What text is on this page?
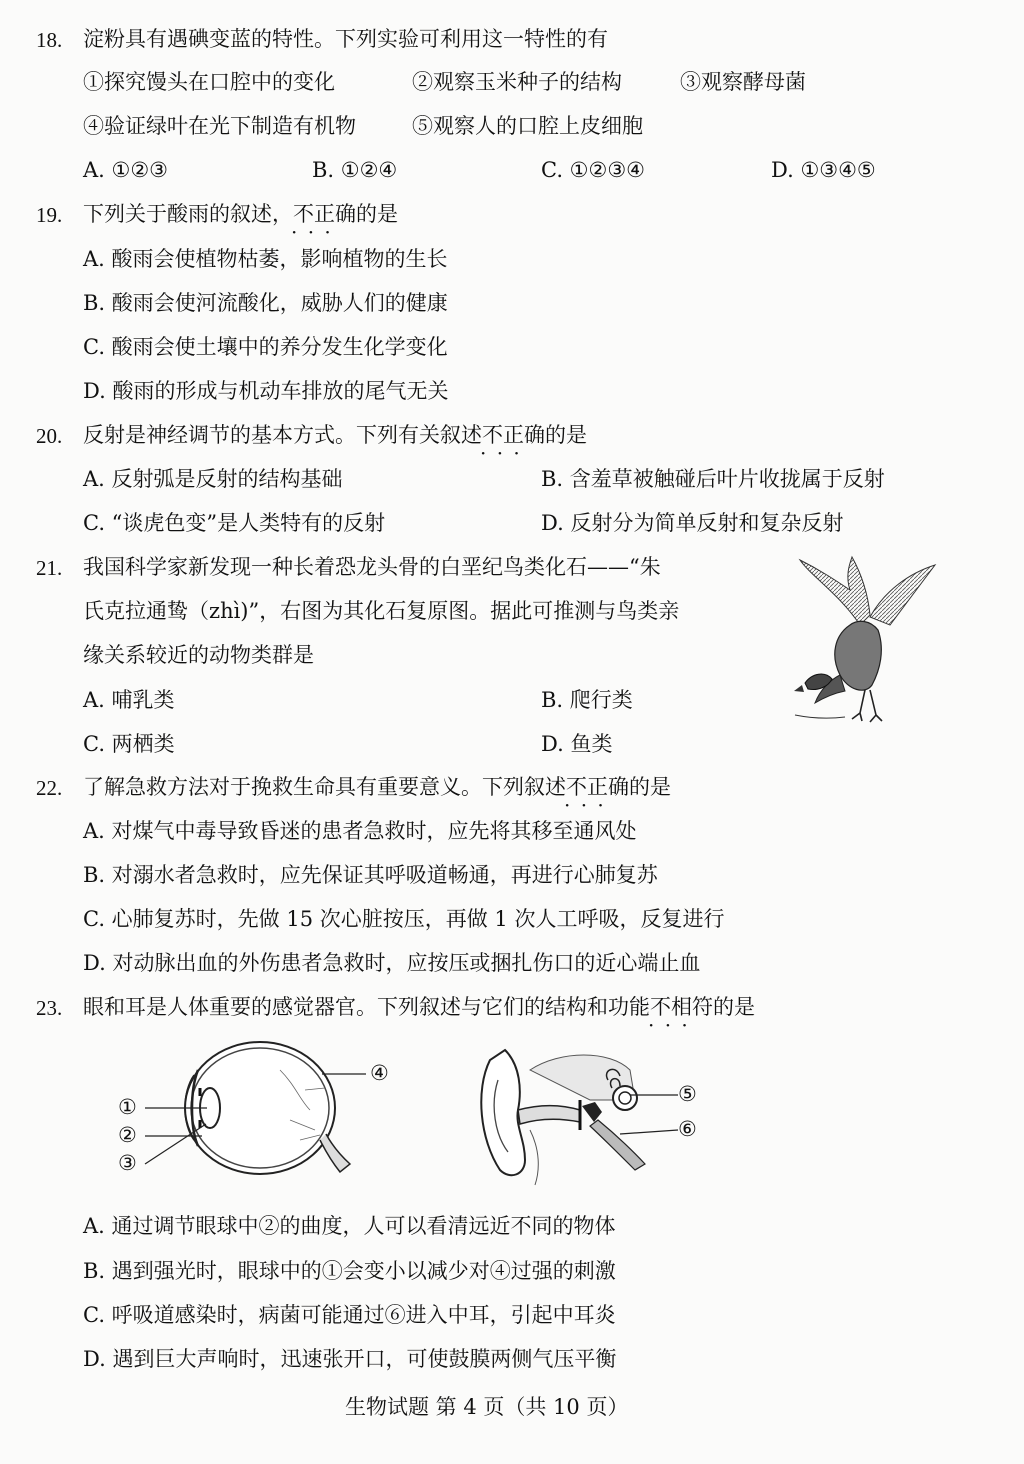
18. 淀粉具有遇碘变蓝的特性。下列实验可利用这一特性的有
①探究馒头在口腔中的变化	②观察玉米种子的结构	③观察酵母菌
④验证绿叶在光下制造有机物	⑤观察人的口腔上皮细胞
A. ①②③	B. ①②④	C. ①②③④	D. ①③④⑤
19. 下列关于酸雨的叙述，不正确 · · ·的是
A. 酸雨会使植物枯萎，影响植物的生长
B. 酸雨会使河流酸化，威胁人们的健康
C. 酸雨会使土壤中的养分发生化学变化
D. 酸雨的形成与机动车排放的尾气无关
20. 反射是神经调节的基本方式。下列有关叙述不正确 · · ·的是
A. 反射弧是反射的结构基础	B. 含羞草被触碰后叶片收拢属于反射
C. “谈虎色变”是人类特有的反射	D. 反射分为简单反射和复杂反射
21. 我国科学家新发现一种长着恐龙头骨的白垩纪鸟类化石——“朱
氏克拉通鸷（zhì)”，右图为其化石复原图。据此可推测与鸟类亲
缘关系较近的动物类群是
A. 哺乳类	B. 爬行类
C. 两栖类	D. 鱼类
22. 了解急救方法对于挽救生命具有重要意义。下列叙述不正确 · · ·的是
A. 对煤气中毒导致昏迷的患者急救时，应先将其移至通风处
B. 对溺水者急救时，应先保证其呼吸道畅通，再进行心肺复苏
C. 心肺复苏时，先做 15 次心脏按压，再做 1 次人工呼吸，反复进行
D. 对动脉出血的外伤患者急救时，应按压或捆扎伤口的近心端止血
23. 眼和耳是人体重要的感觉器官。下列叙述与它们的结构和功能不相符 · · ·的是
①
②
③
④
⑤
⑥
A. 通过调节眼球中②的曲度，人可以看清远近不同的物体
B. 遇到强光时，眼球中的①会变小以减少对④过强的刺激
C. 呼吸道感染时，病菌可能通过⑥进入中耳，引起中耳炎
D. 遇到巨大声响时，迅速张开口，可使鼓膜两侧气压平衡
生物试题 第 4 页（共 10 页）
